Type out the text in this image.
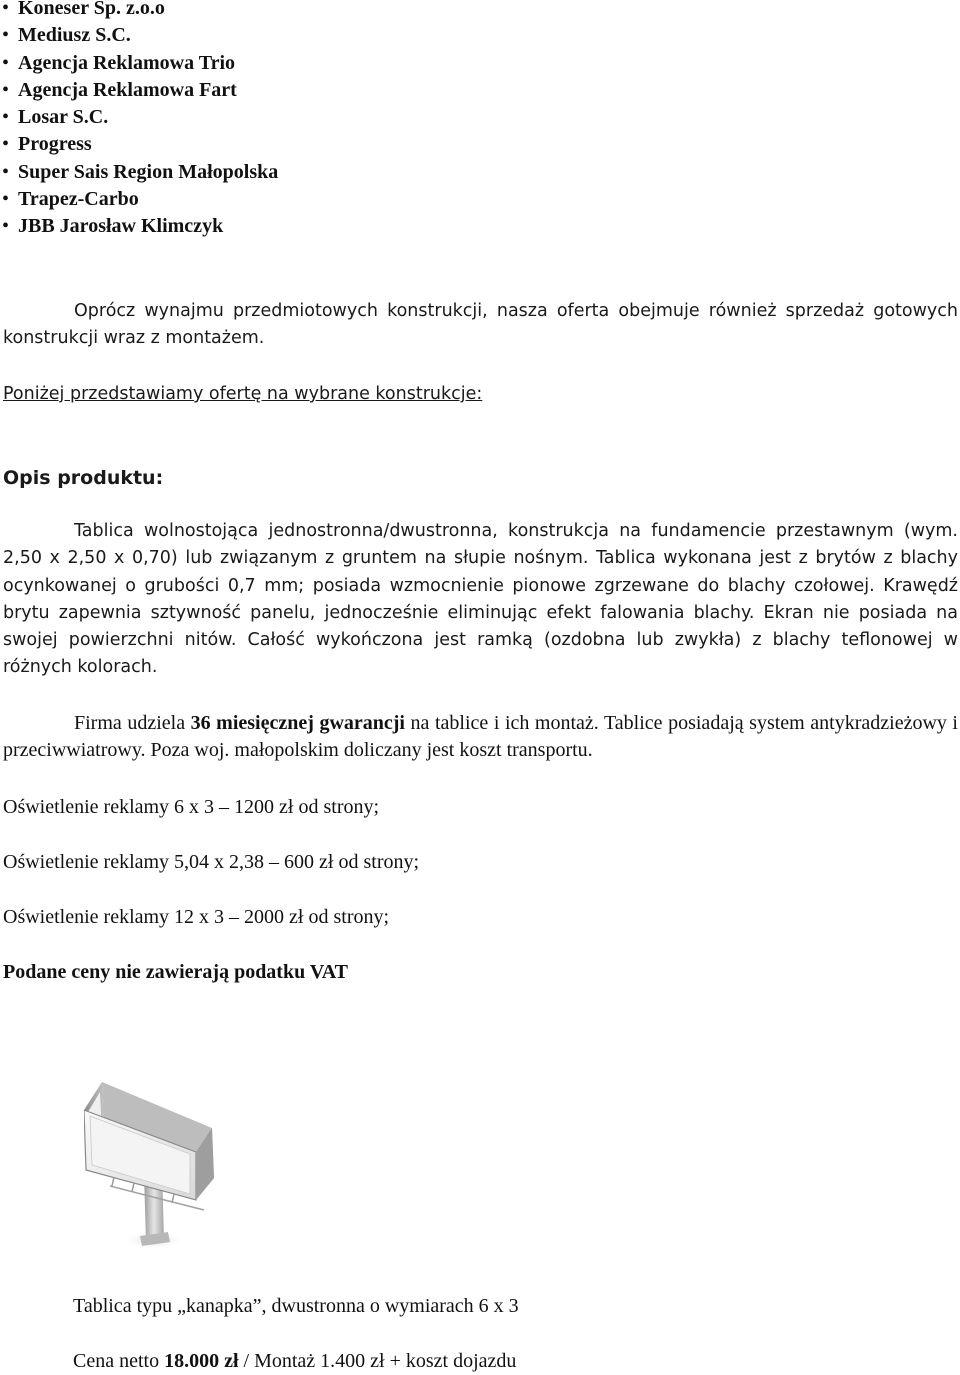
• Koneser Sp. z.o.o
• Mediusz S.C.
• Agencja Reklamowa Trio
• Agencja Reklamowa Fart
• Losar S.C.
• Progress
• Super Sais Region Małopolska
• Trapez-Carbo
• JBB Jarosław Klimczyk

Oprócz wynajmu przedmiotowych konstrukcji, nasza oferta obejmuje również sprzedaż gotowych konstrukcji wraz z montażem.

Poniżej przedstawiamy ofertę na wybrane konstrukcje:

Opis produktu:

Tablica wolnostojąca jednostronna/dwustronna, konstrukcja na fundamencie przestawnym (wym. 2,50 x 2,50 x 0,70) lub związanym z gruntem na słupie nośnym. Tablica wykonana jest z brytów z blachy ocynkowanej o grubości 0,7 mm; posiada wzmocnienie pionowe zgrzewane do blachy czołowej. Krawędź brytu zapewnia sztywność panelu, jednocześnie eliminując efekt falowania blachy. Ekran nie posiada na swojej powierzchni nitów. Całość wykończona jest ramką (ozdobna lub zwykła) z blachy teflonowej w różnych kolorach.

Firma udziela 36 miesięcznej gwarancji na tablice i ich montaż. Tablice posiadają system antykradzieżowy i przeciwwiatrowy. Poza woj. małopolskim doliczany jest koszt transportu.

Oświetlenie reklamy 6 x 3 – 1200 zł od strony;

Oświetlenie reklamy 5,04 x 2,38 – 600 zł od strony;

Oświetlenie reklamy 12 x 3 – 2000 zł od strony;

Podane ceny nie zawierają podatku VAT

Tablica typu „kanapka”, dwustronna o wymiarach 6 x 3

Cena netto 18.000 zł / Montaż 1.400 zł + koszt dojazdu
